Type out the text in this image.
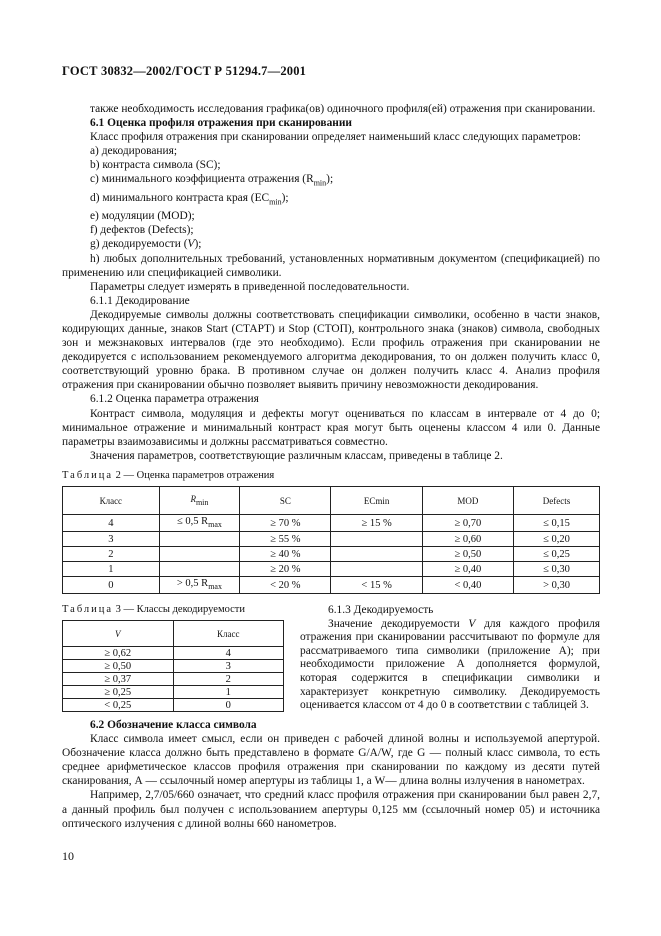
ГОСТ 30832—2002/ГОСТ Р 51294.7—2001

также необходимость исследования графика(ов) одиночного профиля(ей) отражения при сканировании.

6.1 Оценка профиля отражения при сканировании

Класс профиля отражения при сканировании определяет наименьший класс следующих параметров:

a) декодирования;

b) контраста символа (SC);

c) минимального коэффициента отражения $(R_{min})$;

d) минимального контраста края $(EC_{min})$;

e) модуляции (MOD);

f) дефектов (Defects);

g) декодируемости (V);

h) любых дополнительных требований, установленных нормативным документом (спецификацией) по применению или спецификацией символики.

Параметры следует измерять в приведенной последовательности.

6.1.1 Декодирование

Декодируемые символы должны соответствовать спецификации символики, особенно в части знаков, кодирующих данные, знаков Start (СТАРТ) и Stop (СТОП), контрольного знака (знаков) символа, свободных зон и межзнаковых интервалов (где это необходимо). Если профиль отражения при сканировании не декодируется с использованием рекомендуемого алгоритма декодирования, то он должен получить класс 0, соответствующий уровню брака. В противном случае он должен получить класс 4. Анализ профиля отражения при сканировании обычно позволяет выявить причину невозможности декодирования.

6.1.2 Оценка параметра отражения

Контраст символа, модуляция и дефекты могут оцениваться по классам в интервале от 4 до 0; минимальное отражение и минимальный контраст края могут быть оценены классом 4 или 0. Данные параметры взаимозависимы и должны рассматриваться совместно.

Значения параметров, соответствующие различным классам, приведены в таблице 2.

Таблица 2 — Оценка параметров отражения
Класс	$R_{min}$	SC	ECmin	MOD	Defects
4	≤ 0,5 $R_{max}$	≥ 70 %	≥ 15 %	≥ 0,70	≤ 0,15
3		≥ 55 %		≥ 0,60	≤ 0,20
2		≥ 40 %		≥ 0,50	≤ 0,25
1		≥ 20 %		≥ 0,40	≤ 0,30
0	> 0,5 $R_{max}$	< 20 %	< 15 %	< 0,40	> 0,30
Таблица 3 — Классы декодируемости
V	Класс
≥ 0,62	4
≥ 0,50	3
≥ 0,37	2
≥ 0,25	1
< 0,25	0

6.1.3 Декодируемость

Значение декодируемости V для каждого профиля отражения при сканировании рассчитывают по формуле для рассматриваемого типа символики (приложение А); при необходимости приложение А дополняется формулой, которая содержится в спецификации символики и характеризует конкретную символику. Декодируемость оценивается классом от 4 до 0 в соответствии с таблицей 3.

6.2 Обозначение класса символа

Класс символа имеет смысл, если он приведен с рабочей длиной волны и используемой апертурой. Обозначение класса должно быть представлено в формате G/A/W, где G — полный класс символа, то есть среднее арифметическое классов профиля отражения при сканировании по каждому из десяти путей сканирования, А — ссылочный номер апертуры из таблицы 1, а W— длина волны излучения в нанометрах.

Например, 2,7/05/660 означает, что средний класс профиля отражения при сканировании был равен 2,7, а данный профиль был получен с использованием апертуры 0,125 мм (ссылочный номер 05) и источника оптического излучения с длиной волны 660 нанометров.

10
